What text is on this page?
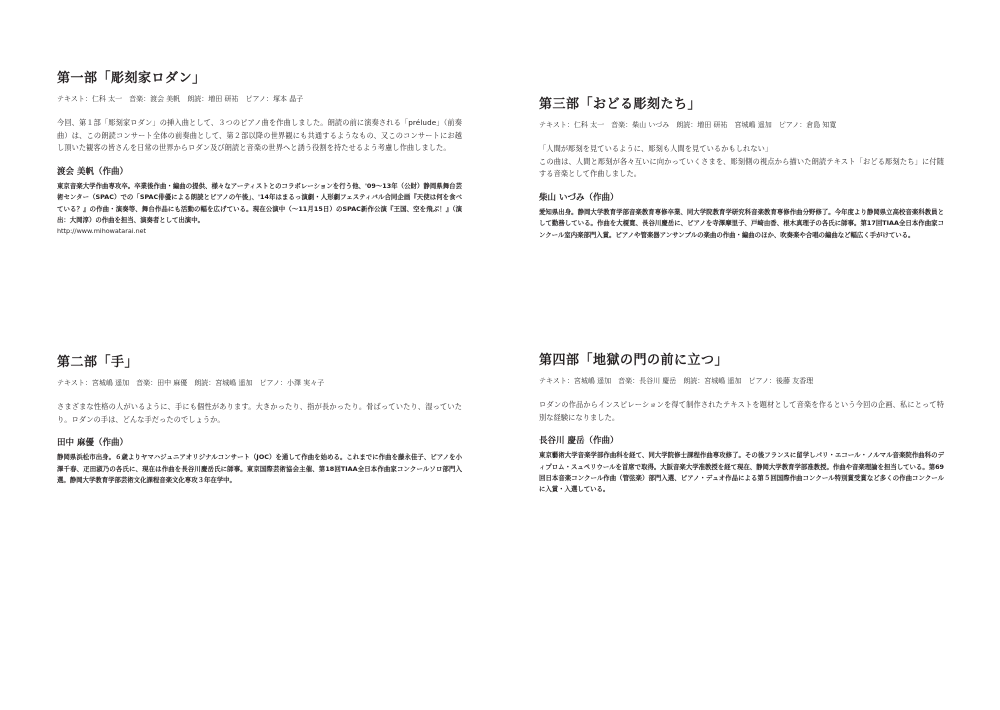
第一部「彫刻家ロダン」

テキスト：仁科 太一　音楽：渡会 美帆　朗読：増田 研祐　ピアノ：塚本 晶子

今回、第１部「彫刻家ロダン」の挿入曲として、３つのピアノ曲を作曲しました。朗読の前に演奏される「prélude」（前奏曲）は、この朗読コンサート全体の前奏曲として、第２部以降の世界観にも共通するようなもの、又このコンサートにお越し頂いた観客の皆さんを日常の世界からロダン及び朗読と音楽の世界へと誘う役割を持たせるよう考慮し作曲しました。

渡会 美帆（作曲）

東京音楽大学作曲専攻卒。卒業後作曲・編曲の提供、様々なアーティストとのコラボレーションを行う他、'09～13年（公財）静岡県舞台芸術センター（SPAC）での「SPAC俳優による朗読とピアノの午後」、'14年はまるっ演劇・人形劇フェスティバル合同企画『天使は何を食べている？』の作曲・演奏等、舞台作品にも活動の幅を広げている。現在公演中（～11月15日）のSPAC新作公演『王国、空を飛ぶ！』（演出：大岡淳）の作曲を担当、演奏者として出演中。

http://www.mihowatarai.net

第二部「手」

テキスト：宮城嶋 遥加　音楽：田中 麻優　朗読：宮城嶋 遥加　ピアノ：小澤 実々子

さまざまな性格の人がいるように、手にも個性があります。大きかったり、指が長かったり。骨ばっていたり、湿っていたり。ロダンの手は、どんな手だったのでしょうか。

田中 麻優（作曲）

静岡県浜松市出身。６歳よりヤマハジュニアオリジナルコンサート（JOC）を通して作曲を始める。これまでに作曲を藤永佳子、ピアノを小澤千春、疋田淑乃の各氏に、現在は作曲を長谷川慶岳氏に師事。東京国際芸術協会主催、第18回TIAA全日本作曲家コンクールソロ部門入選。静岡大学教育学部芸術文化課程音楽文化専攻３年在学中。

第三部「おどる彫刻たち」

テキスト：仁科 太一　音楽：柴山 いづみ　朗読：増田 研祐　宮城嶋 遥加　ピアノ：倉島 知寛

「人間が彫刻を見ているように、彫刻も人間を見ているかもしれない」

この曲は、人間と彫刻が各々互いに向かっていくさまを、彫刻側の視点から描いた朗読テキスト「おどる彫刻たち」に付随する音楽として作曲しました。

柴山 いづみ（作曲）

愛知県出身。静岡大学教育学部音楽教育専修卒業、同大学院教育学研究科音楽教育専修作曲分野修了。今年度より静岡県立高校音楽科教員として勤務している。作曲を大榎寛、長谷川慶岳に、ピアノを寺澤摩里子、戸崎由香、根木真理子の各氏に師事。第17回TIAA全日本作曲家コンクール室内楽部門入賞。ピアノや管楽器アンサンブルの楽曲の作曲・編曲のほか、吹奏楽や合唱の編曲など幅広く手がけている。

第四部「地獄の門の前に立つ」

テキスト：宮城嶋 遥加　音楽：長谷川 慶岳　朗読：宮城嶋 遥加　ピアノ：後藤 友香理

ロダンの作品からインスピレーションを得て制作されたテキストを題材として音楽を作るという今回の企画、私にとって特別な経験になりました。

長谷川 慶岳（作曲）

東京藝術大学音楽学部作曲科を経て、同大学院修士課程作曲専攻修了。その後フランスに留学しパリ・エコール・ノルマル音楽院作曲科のディプロム・スュペリウールを首席で取得。大阪音楽大学准教授を経て現在、静岡大学教育学部准教授。作曲や音楽理論を担当している。第69回日本音楽コンクール作曲（管弦楽）部門入選、ピアノ・デュオ作品による第５回国際作曲コンクール特別賞受賞など多くの作曲コンクールに入賞・入選している。
